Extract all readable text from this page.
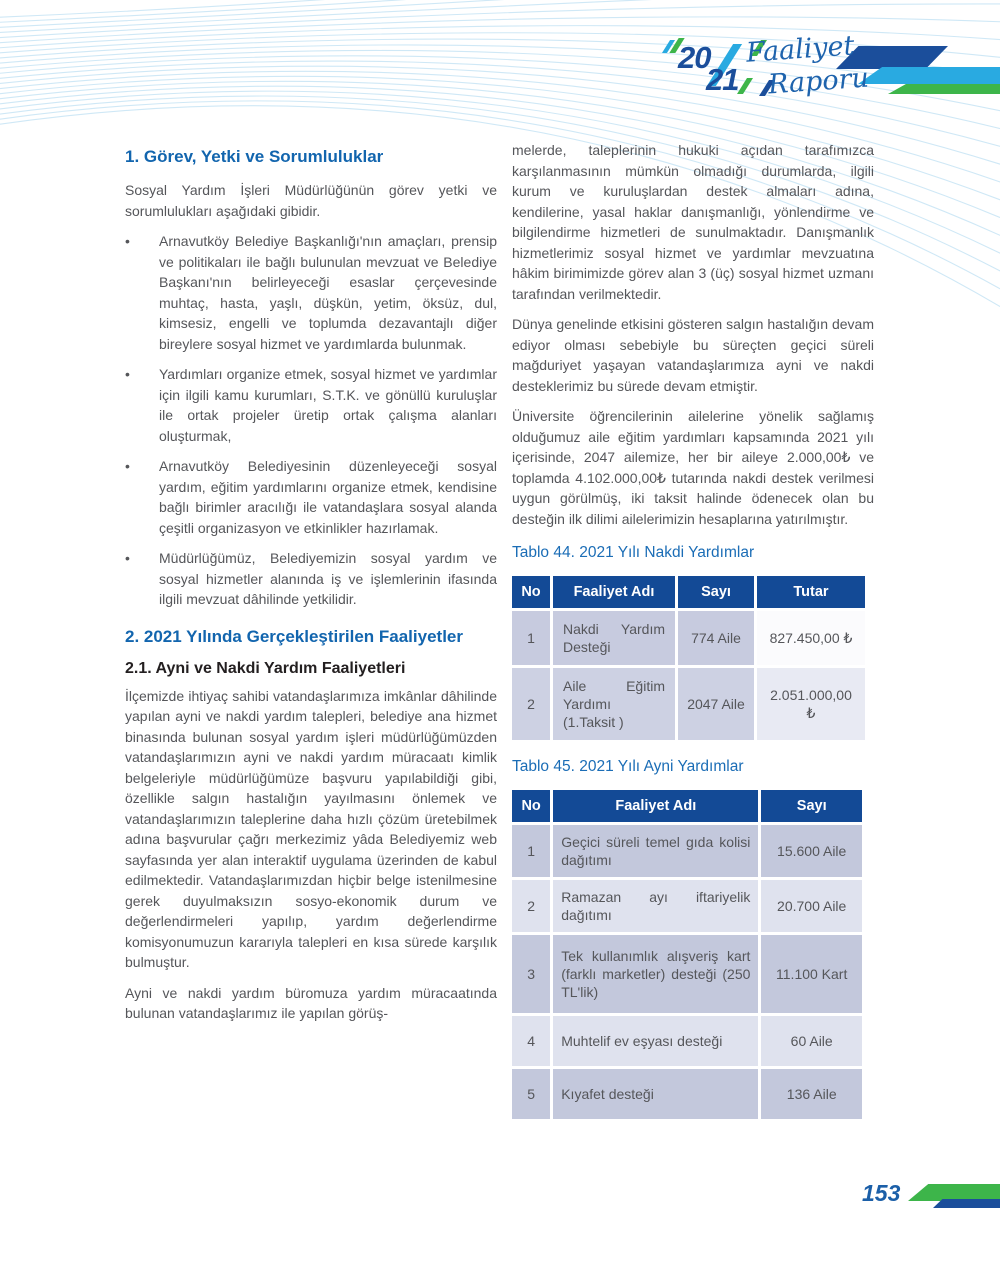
20
21
Faaliyet
Raporu
1. Görev, Yetki ve Sorumluluklar

Sosyal Yardım İşleri Müdürlüğünün görev yetki ve sorumlulukları aşağıdaki gibidir.

•	Arnavutköy Belediye Başkanlığı'nın amaçları, prensip ve politikaları ile bağlı bulunulan mevzuat ve Belediye Başkanı'nın belirleyeceği esaslar çerçevesinde muhtaç, hasta, yaşlı, düşkün, yetim, öksüz, dul, kimsesiz, engelli ve toplumda dezavantajlı diğer bireylere sosyal hizmet ve yardımlarda bulunmak.
•	Yardımları organize etmek, sosyal hizmet ve yardımlar için ilgili kamu kurumları, S.T.K. ve gönüllü kuruluşlar ile ortak projeler üretip ortak çalışma alanları oluşturmak,
•	Arnavutköy Belediyesinin düzenleyeceği sosyal yardım, eğitim yardımlarını organize etmek, kendisine bağlı birimler aracılığı ile vatandaşlara sosyal alanda çeşitli organizasyon ve etkinlikler hazırlamak.
•	Müdürlüğümüz, Belediyemizin sosyal yardım ve sosyal hizmetler alanında iş ve işlemlerinin ifasında ilgili mevzuat dâhilinde yetkilidir.
2. 2021 Yılında Gerçekleştirilen Faaliyetler
2.1. Ayni ve Nakdi Yardım Faaliyetleri

İlçemizde ihtiyaç sahibi vatandaşlarımıza imkânlar dâhilinde yapılan ayni ve nakdi yardım talepleri, belediye ana hizmet binasında bulunan sosyal yardım işleri müdürlüğümüzden vatandaşlarımızın ayni ve nakdi yardım müracaatı kimlik belgeleriyle müdürlüğümüze başvuru yapılabildiği gibi, özellikle salgın hastalığın yayılmasını önlemek ve vatandaşlarımızın taleplerine daha hızlı çözüm üretebilmek adına başvurular çağrı merkezimiz yâda Belediyemiz web sayfasında yer alan interaktif uygulama üzerinden de kabul edilmektedir. Vatandaşlarımızdan hiçbir belge istenilmesine gerek duyulmaksızın sosyo-ekonomik durum ve değerlendirmeleri yapılıp, yardım değerlendirme komisyonumuzun kararıyla talepleri en kısa sürede karşılık bulmuştur.

Ayni ve nakdi yardım büromuza yardım müracaatında bulunan vatandaşlarımız ile yapılan görüş-

melerde, taleplerinin hukuki açıdan tarafımızca karşılanmasının mümkün olmadığı durumlarda, ilgili kurum ve kuruluşlardan destek almaları adına, kendilerine, yasal haklar danışmanlığı, yönlendirme ve bilgilendirme hizmetleri de sunulmaktadır. Danışmanlık hizmetlerimiz sosyal hizmet ve yardımlar mevzuatına hâkim birimimizde görev alan 3 (üç) sosyal hizmet uzmanı tarafından verilmektedir.

Dünya genelinde etkisini gösteren salgın hastalığın devam ediyor olması sebebiyle bu süreçten geçici süreli mağduriyet yaşayan vatandaşlarımıza ayni ve nakdi desteklerimiz bu sürede devam etmiştir.

Üniversite öğrencilerinin ailelerine yönelik sağlamış olduğumuz aile eğitim yardımları kapsamında 2021 yılı içerisinde, 2047 ailemize, her bir aileye 2.000,00₺ ve toplamda 4.102.000,00₺ tutarında nakdi destek verilmesi uygun görülmüş, iki taksit halinde ödenecek olan bu desteğin ilk dilimi ailelerimizin hesaplarına yatırılmıştır.

Tablo 44. 2021 Yılı Nakdi Yardımlar
No	Faaliyet Adı	Sayı	Tutar
1	Nakdi Yardım Desteği	774 Aile	827.450,00 ₺
2	Aile Eğitim Yardımı (1.Taksit )	2047 Aile	2.051.000,00 ₺
Tablo 45. 2021 Yılı Ayni Yardımlar
No	Faaliyet Adı	Sayı
1	Geçici süreli temel gıda kolisi dağıtımı	15.600 Aile
2	Ramazan ayı iftariyelik dağıtımı	20.700 Aile
3	Tek kullanımlık alışveriş kart (farklı marketler) desteği (250 TL'lik)	11.100 Kart
4	Muhtelif ev eşyası desteği	60 Aile
5	Kıyafet desteği	136 Aile
153
